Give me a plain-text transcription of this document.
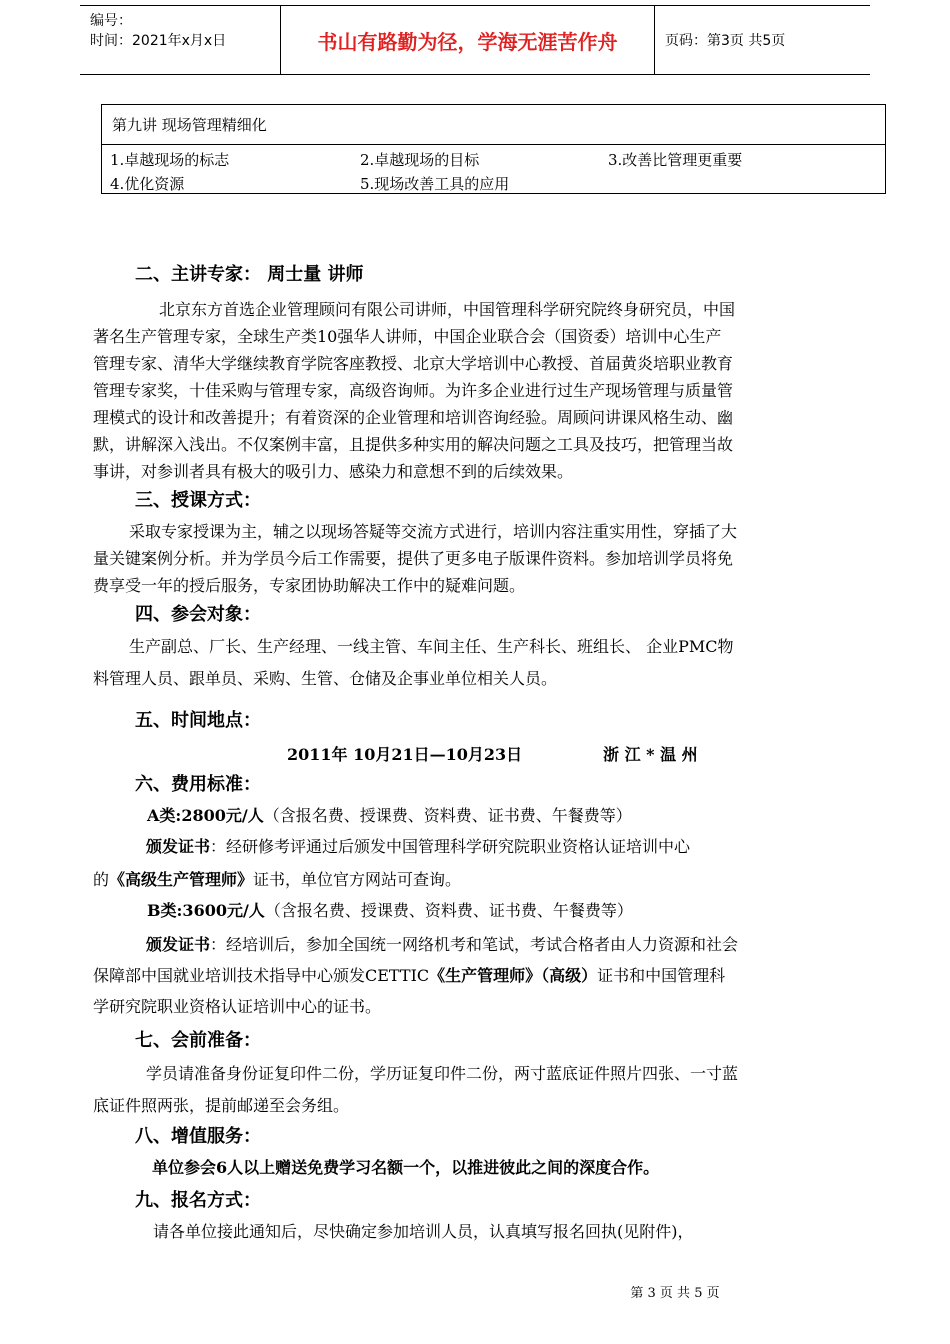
编号：
时间：2021年x月x日	书山有路勤为径，学海无涯苦作舟	页码：第3页 共5页
第九讲 现场管理精细化
1.卓越现场的标志	2.卓越现场的目标	3.改善比管理更重要
4.优化资源	5.现场改善工具的应用
二、主讲专家： 周士量 讲师
北京东方首选企业管理顾问有限公司讲师，中国管理科学研究院终身研究员，中国
著名生产管理专家，全球生产类10强华人讲师，中国企业联合会（国资委）培训中心生产
管理专家、清华大学继续教育学院客座教授、北京大学培训中心教授、首届黄炎培职业教育
管理专家奖，十佳采购与管理专家，高级咨询师。为许多企业进行过生产现场管理与质量管
理模式的设计和改善提升；有着资深的企业管理和培训咨询经验。周顾问讲课风格生动、幽
默，讲解深入浅出。不仅案例丰富，且提供多种实用的解决问题之工具及技巧，把管理当故
事讲，对参训者具有极大的吸引力、感染力和意想不到的后续效果。
三、授课方式：
采取专家授课为主，辅之以现场答疑等交流方式进行，培训内容注重实用性，穿插了大
量关键案例分析。并为学员今后工作需要，提供了更多电子版课件资料。参加培训学员将免
费享受一年的授后服务，专家团协助解决工作中的疑难问题。
四、参会对象：
生产副总、厂长、生产经理、一线主管、车间主任、生产科长、班组长、 企业PMC物
料管理人员、跟单员、采购、生管、仓储及企事业单位相关人员。
五、时间地点：
2011年 10月21日—10月23日	浙 江 * 温 州
六、费用标准：
A类:2800元/人（含报名费、授课费、资料费、证书费、午餐费等）
颁发证书：经研修考评通过后颁发中国管理科学研究院职业资格认证培训中心
的《高级生产管理师》证书，单位官方网站可查询。
B类:3600元/人（含报名费、授课费、资料费、证书费、午餐费等）
颁发证书：经培训后，参加全国统一网络机考和笔试，考试合格者由人力资源和社会
保障部中国就业培训技术指导中心颁发CETTIC《生产管理师》（高级）证书和中国管理科
学研究院职业资格认证培训中心的证书。
七、会前准备：
学员请准备身份证复印件二份，学历证复印件二份，两寸蓝底证件照片四张、一寸蓝
底证件照两张，提前邮递至会务组。
八、增值服务：
单位参会6人以上赠送免费学习名额一个，以推进彼此之间的深度合作。
九、报名方式：
请各单位接此通知后，尽快确定参加培训人员，认真填写报名回执(见附件)，
第 3 页 共 5 页
